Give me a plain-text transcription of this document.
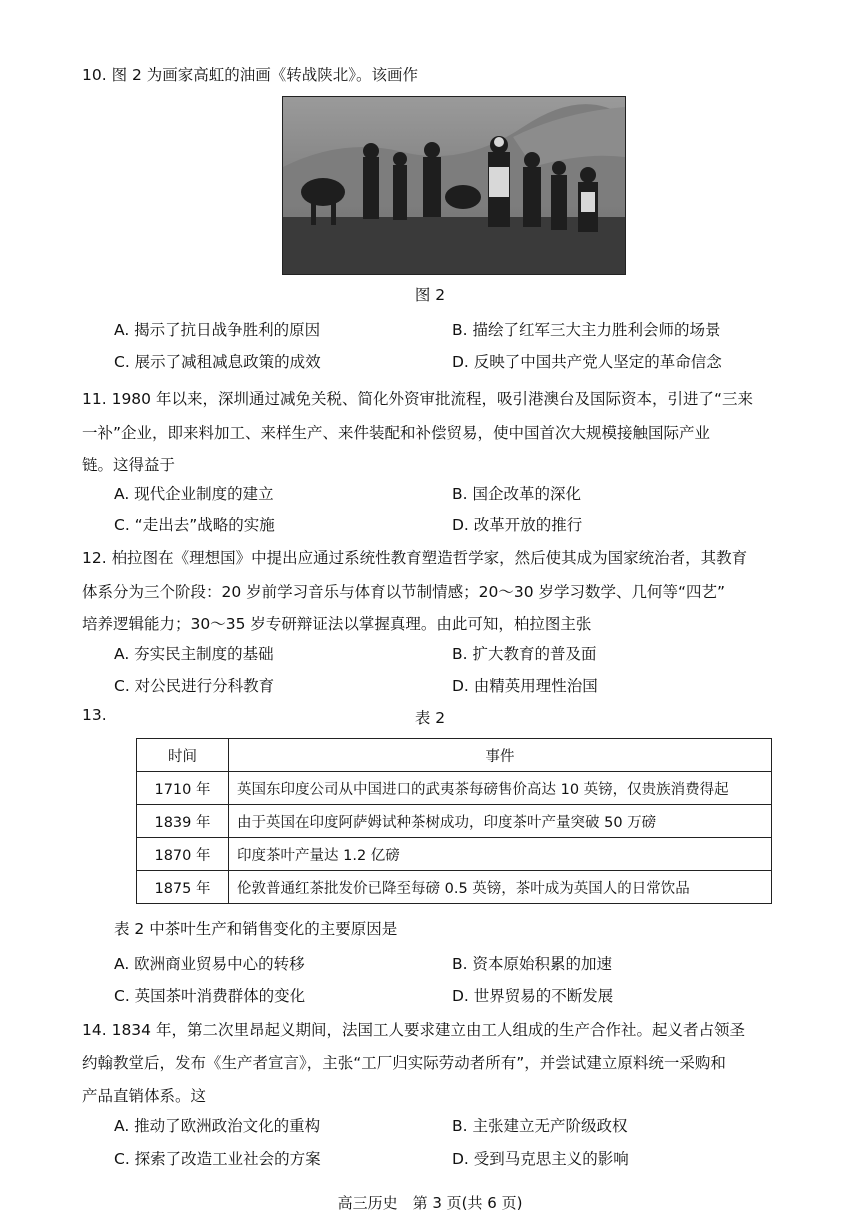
10. 图 2 为画家高虹的油画《转战陕北》。该画作
图 2
A. 揭示了抗日战争胜利的原因	B. 描绘了红军三大主力胜利会师的场景
C. 展示了减租减息政策的成效	D. 反映了中国共产党人坚定的革命信念
11. 1980 年以来，深圳通过减免关税、简化外资审批流程，吸引港澳台及国际资本，引进了“三来
一补”企业，即来料加工、来样生产、来件装配和补偿贸易，使中国首次大规模接触国际产业
链。这得益于
A. 现代企业制度的建立	B. 国企改革的深化
C. “走出去”战略的实施	D. 改革开放的推行
12. 柏拉图在《理想国》中提出应通过系统性教育塑造哲学家，然后使其成为国家统治者，其教育
体系分为三个阶段：20 岁前学习音乐与体育以节制情感；20～30 岁学习数学、几何等“四艺”
培养逻辑能力；30～35 岁专研辩证法以掌握真理。由此可知，柏拉图主张
A. 夯实民主制度的基础	B. 扩大教育的普及面
C. 对公民进行分科教育	D. 由精英用理性治国
13.	表 2
时间	事件
1710 年	英国东印度公司从中国进口的武夷茶每磅售价高达 10 英镑，仅贵族消费得起
1839 年	由于英国在印度阿萨姆试种茶树成功，印度茶叶产量突破 50 万磅
1870 年	印度茶叶产量达 1.2 亿磅
1875 年	伦敦普通红茶批发价已降至每磅 0.5 英镑，茶叶成为英国人的日常饮品
表 2 中茶叶生产和销售变化的主要原因是
A. 欧洲商业贸易中心的转移	B. 资本原始积累的加速
C. 英国茶叶消费群体的变化	D. 世界贸易的不断发展
14. 1834 年，第二次里昂起义期间，法国工人要求建立由工人组成的生产合作社。起义者占领圣
约翰教堂后，发布《生产者宣言》，主张“工厂归实际劳动者所有”，并尝试建立原料统一采购和
产品直销体系。这
A. 推动了欧洲政治文化的重构	B. 主张建立无产阶级政权
C. 探索了改造工业社会的方案	D. 受到马克思主义的影响
高三历史　第 3 页(共 6 页)
